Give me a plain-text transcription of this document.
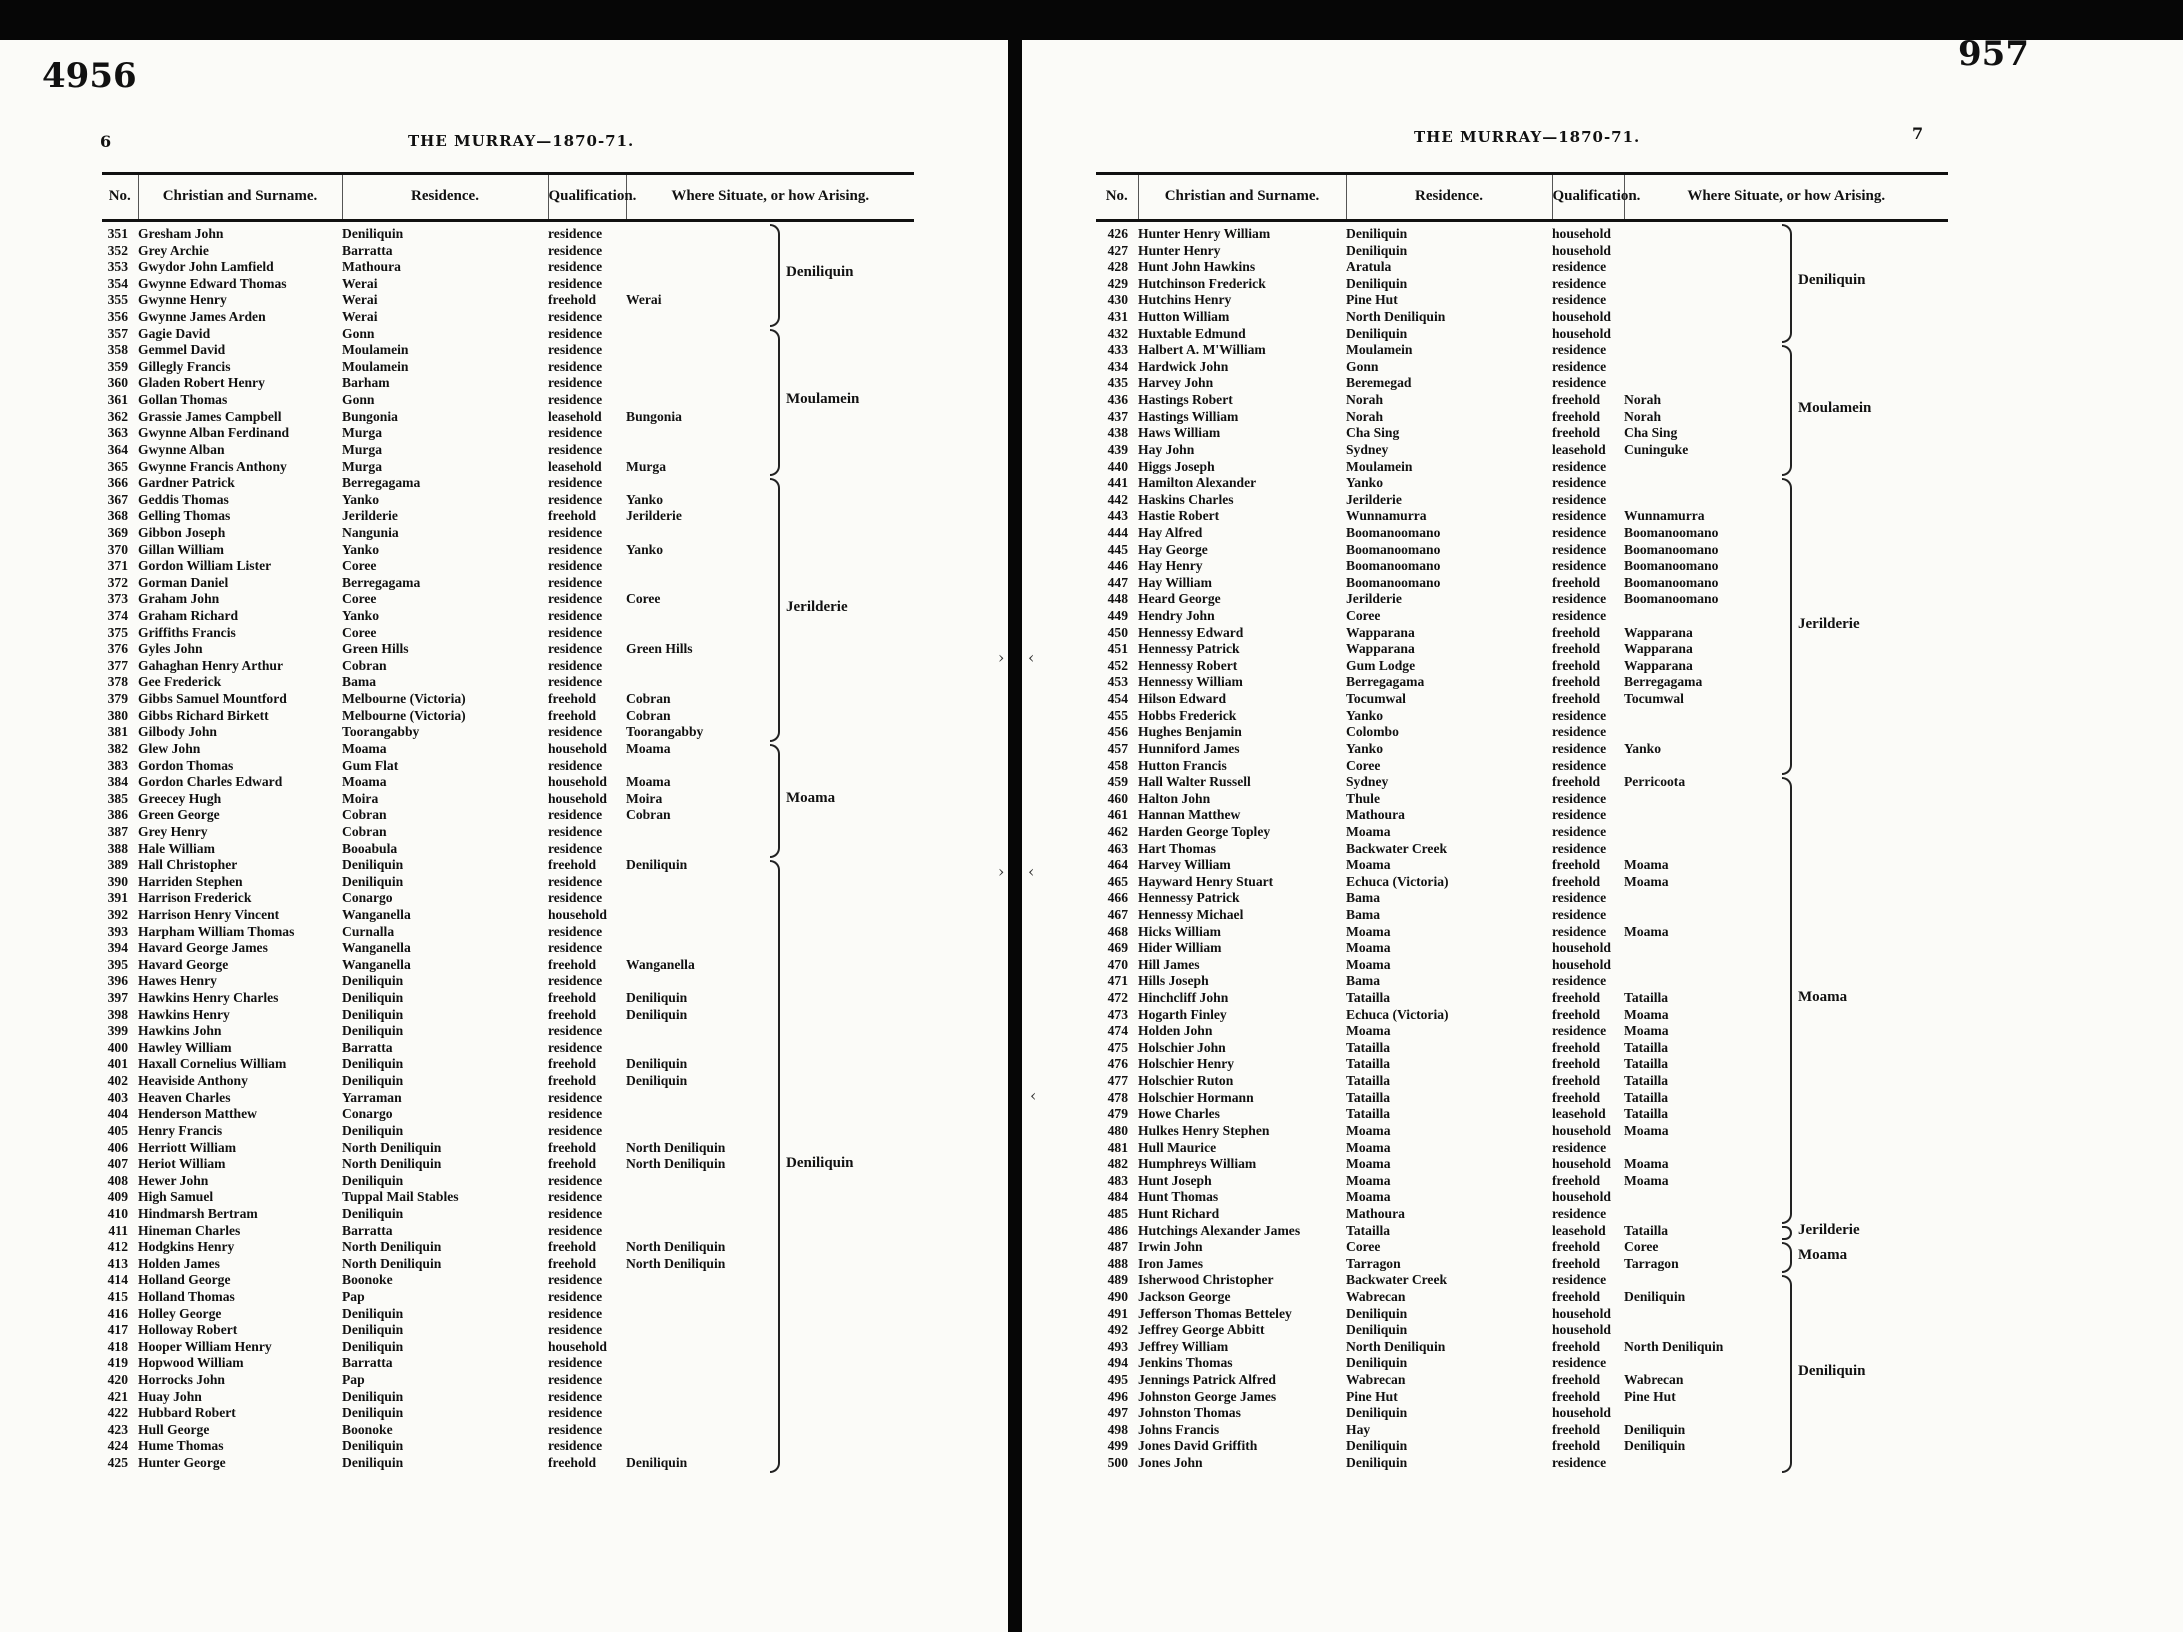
4956
6	THE MURRAY—1870-71.
No.	Christian and Surname.	Residence.	Qualification.	Where Situate, or how Arising.
351	Gresham John	Deniliquin	residence	
352	Grey Archie	Barratta	residence	
353	Gwydor John Lamfield	Mathoura	residence	
354	Gwynne Edward Thomas	Werai	residence	
355	Gwynne Henry	Werai	freehold	Werai
356	Gwynne James Arden	Werai	residence	
357	Gagie David	Gonn	residence	
358	Gemmel David	Moulamein	residence	
359	Gillegly Francis	Moulamein	residence	
360	Gladen Robert Henry	Barham	residence	
361	Gollan Thomas	Gonn	residence	
362	Grassie James Campbell	Bungonia	leasehold	Bungonia
363	Gwynne Alban Ferdinand	Murga	residence	
364	Gwynne Alban	Murga	residence	
365	Gwynne Francis Anthony	Murga	leasehold	Murga
366	Gardner Patrick	Berregagama	residence	
367	Geddis Thomas	Yanko	residence	Yanko
368	Gelling Thomas	Jerilderie	freehold	Jerilderie
369	Gibbon Joseph	Nangunia	residence	
370	Gillan William	Yanko	residence	Yanko
371	Gordon William Lister	Coree	residence	
372	Gorman Daniel	Berregagama	residence	
373	Graham John	Coree	residence	Coree
374	Graham Richard	Yanko	residence	
375	Griffiths Francis	Coree	residence	
376	Gyles John	Green Hills	residence	Green Hills
377	Gahaghan Henry Arthur	Cobran	residence	
378	Gee Frederick	Bama	residence	
379	Gibbs Samuel Mountford	Melbourne (Victoria)	freehold	Cobran
380	Gibbs Richard Birkett	Melbourne (Victoria)	freehold	Cobran
381	Gilbody John	Toorangabby	residence	Toorangabby
382	Glew John	Moama	household	Moama
383	Gordon Thomas	Gum Flat	residence	
384	Gordon Charles Edward	Moama	household	Moama
385	Greecey Hugh	Moira	household	Moira
386	Green George	Cobran	residence	Cobran
387	Grey Henry	Cobran	residence	
388	Hale William	Booabula	residence	
389	Hall Christopher	Deniliquin	freehold	Deniliquin
390	Harriden Stephen	Deniliquin	residence	
391	Harrison Frederick	Conargo	residence	
392	Harrison Henry Vincent	Wanganella	household	
393	Harpham William Thomas	Curnalla	residence	
394	Havard George James	Wanganella	residence	
395	Havard George	Wanganella	freehold	Wanganella
396	Hawes Henry	Deniliquin	residence	
397	Hawkins Henry Charles	Deniliquin	freehold	Deniliquin
398	Hawkins Henry	Deniliquin	freehold	Deniliquin
399	Hawkins John	Deniliquin	residence	
400	Hawley William	Barratta	residence	
401	Haxall Cornelius William	Deniliquin	freehold	Deniliquin
402	Heaviside Anthony	Deniliquin	freehold	Deniliquin
403	Heaven Charles	Yarraman	residence	
404	Henderson Matthew	Conargo	residence	
405	Henry Francis	Deniliquin	residence	
406	Herriott William	North Deniliquin	freehold	North Deniliquin
407	Heriot William	North Deniliquin	freehold	North Deniliquin
408	Hewer John	Deniliquin	residence	
409	High Samuel	Tuppal Mail Stables	residence	
410	Hindmarsh Bertram	Deniliquin	residence	
411	Hineman Charles	Barratta	residence	
412	Hodgkins Henry	North Deniliquin	freehold	North Deniliquin
413	Holden James	North Deniliquin	freehold	North Deniliquin
414	Holland George	Boonoke	residence	
415	Holland Thomas	Pap	residence	
416	Holley George	Deniliquin	residence	
417	Holloway Robert	Deniliquin	residence	
418	Hooper William Henry	Deniliquin	household	
419	Hopwood William	Barratta	residence	
420	Horrocks John	Pap	residence	
421	Huay John	Deniliquin	residence	
422	Hubbard Robert	Deniliquin	residence	
423	Hull George	Boonoke	residence	
424	Hume Thomas	Deniliquin	residence	
425	Hunter George	Deniliquin	freehold	Deniliquin
Deniliquin
Moulamein
Jerilderie
Moama
Deniliquin
957
7
THE MURRAY—1870-71.
No.	Christian and Surname.	Residence.	Qualification.	Where Situate, or how Arising.
426	Hunter Henry William	Deniliquin	household	
427	Hunter Henry	Deniliquin	household	
428	Hunt John Hawkins	Aratula	residence	
429	Hutchinson Frederick	Deniliquin	residence	
430	Hutchins Henry	Pine Hut	residence	
431	Hutton William	North Deniliquin	household	
432	Huxtable Edmund	Deniliquin	household	
433	Halbert A. M'William	Moulamein	residence	
434	Hardwick John	Gonn	residence	
435	Harvey John	Beremegad	residence	
436	Hastings Robert	Norah	freehold	Norah
437	Hastings William	Norah	freehold	Norah
438	Haws William	Cha Sing	freehold	Cha Sing
439	Hay John	Sydney	leasehold	Cuninguke
440	Higgs Joseph	Moulamein	residence	
441	Hamilton Alexander	Yanko	residence	
442	Haskins Charles	Jerilderie	residence	
443	Hastie Robert	Wunnamurra	residence	Wunnamurra
444	Hay Alfred	Boomanoomano	residence	Boomanoomano
445	Hay George	Boomanoomano	residence	Boomanoomano
446	Hay Henry	Boomanoomano	residence	Boomanoomano
447	Hay William	Boomanoomano	freehold	Boomanoomano
448	Heard George	Jerilderie	residence	Boomanoomano
449	Hendry John	Coree	residence	
450	Hennessy Edward	Wapparana	freehold	Wapparana
451	Hennessy Patrick	Wapparana	freehold	Wapparana
452	Hennessy Robert	Gum Lodge	freehold	Wapparana
453	Hennessy William	Berregagama	freehold	Berregagama
454	Hilson Edward	Tocumwal	freehold	Tocumwal
455	Hobbs Frederick	Yanko	residence	
456	Hughes Benjamin	Colombo	residence	
457	Hunniford James	Yanko	residence	Yanko
458	Hutton Francis	Coree	residence	
459	Hall Walter Russell	Sydney	freehold	Perricoota
460	Halton John	Thule	residence	
461	Hannan Matthew	Mathoura	residence	
462	Harden George Topley	Moama	residence	
463	Hart Thomas	Backwater Creek	residence	
464	Harvey William	Moama	freehold	Moama
465	Hayward Henry Stuart	Echuca (Victoria)	freehold	Moama
466	Hennessy Patrick	Bama	residence	
467	Hennessy Michael	Bama	residence	
468	Hicks William	Moama	residence	Moama
469	Hider William	Moama	household	
470	Hill James	Moama	household	
471	Hills Joseph	Bama	residence	
472	Hinchcliff John	Tatailla	freehold	Tatailla
473	Hogarth Finley	Echuca (Victoria)	freehold	Moama
474	Holden John	Moama	residence	Moama
475	Holschier John	Tatailla	freehold	Tatailla
476	Holschier Henry	Tatailla	freehold	Tatailla
477	Holschier Ruton	Tatailla	freehold	Tatailla
478	Holschier Hormann	Tatailla	freehold	Tatailla
479	Howe Charles	Tatailla	leasehold	Tatailla
480	Hulkes Henry Stephen	Moama	household	Moama
481	Hull Maurice	Moama	residence	
482	Humphreys William	Moama	household	Moama
483	Hunt Joseph	Moama	freehold	Moama
484	Hunt Thomas	Moama	household	
485	Hunt Richard	Mathoura	residence	
486	Hutchings Alexander James	Tatailla	leasehold	Tatailla
487	Irwin John	Coree	freehold	Coree
488	Iron James	Tarragon	freehold	Tarragon
489	Isherwood Christopher	Backwater Creek	residence	
490	Jackson George	Wabrecan	freehold	Deniliquin
491	Jefferson Thomas Betteley	Deniliquin	household	
492	Jeffrey George Abbitt	Deniliquin	household	
493	Jeffrey William	North Deniliquin	freehold	North Deniliquin
494	Jenkins Thomas	Deniliquin	residence	
495	Jennings Patrick Alfred	Wabrecan	freehold	Wabrecan
496	Johnston George James	Pine Hut	freehold	Pine Hut
497	Johnston Thomas	Deniliquin	household	
498	Johns Francis	Hay	freehold	Deniliquin
499	Jones David Griffith	Deniliquin	freehold	Deniliquin
500	Jones John	Deniliquin	residence	
Deniliquin
Moulamein
Jerilderie
Moama
Jerilderie
Moama
Deniliquin
› ‹
› ‹
‹
